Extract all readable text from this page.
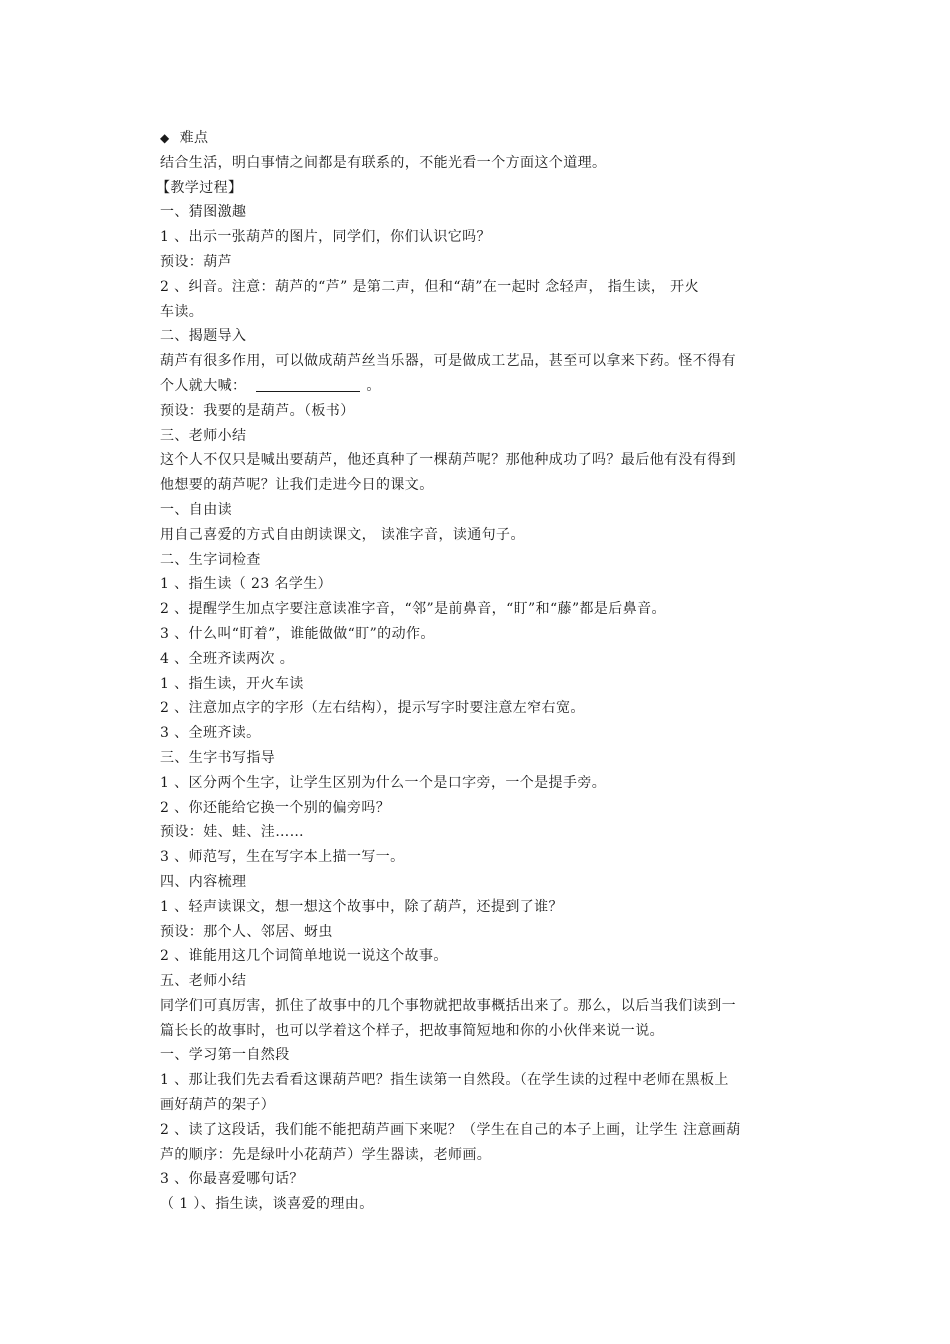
◆ 难点
结合生活，明白事情之间都是有联系的，不能光看一个方面这个道理。
【教学过程】
一、猜图激趣
1 、出示一张葫芦的图片，同学们，你们认识它吗？
预设：葫芦
2 、纠音。注意：葫芦的“芦” 是第二声，但和“葫”在一起时 念轻声， 指生读， 开火
车读。
二、揭题导入
葫芦有很多作用，可以做成葫芦丝当乐器，可是做成工艺品，甚至可以拿来下药。怪不得有
个人就大喊：	。
预设：我要的是葫芦。（板书）
三、老师小结
这个人不仅只是喊出要葫芦，他还真种了一棵葫芦呢？那他种成功了吗？最后他有没有得到
他想要的葫芦呢？让我们走进今日的课文。
一、自由读
用自己喜爱的方式自由朗读课文， 读准字音，读通句子。
二、生字词检查
1 、指生读（ 23 名学生）
2 、提醒学生加点字要注意读准字音，“邻”是前鼻音，“盯”和“藤”都是后鼻音。
3 、什么叫“盯着”，谁能做做“盯”的动作。
4 、全班齐读两次 。
1 、指生读，开火车读
2 、注意加点字的字形（左右结构），提示写字时要注意左窄右宽。
3 、全班齐读。
三、生字书写指导
1 、区分两个生字，让学生区别为什么一个是口字旁，一个是提手旁。
2 、你还能给它换一个别的偏旁吗？
预设：娃、蛙、洼……
3 、师范写，生在写字本上描一写一。
四、内容梳理
1 、轻声读课文，想一想这个故事中，除了葫芦，还提到了谁？
预设：那个人、邻居、蚜虫
2 、谁能用这几个词简单地说一说这个故事。
五、老师小结
同学们可真厉害，抓住了故事中的几个事物就把故事概括出来了。那么，以后当我们读到一
篇长长的故事时，也可以学着这个样子，把故事简短地和你的小伙伴来说一说。
一、学习第一自然段
1 、那让我们先去看看这课葫芦吧？指生读第一自然段。（在学生读的过程中老师在黑板上
画好葫芦的架子）
2 、读了这段话，我们能不能把葫芦画下来呢？（学生在自己的本子上画，让学生 注意画葫
芦的顺序：先是绿叶小花葫芦）学生器读，老师画。
3 、你最喜爱哪句话？
（ 1 ）、指生读，谈喜爱的理由。
